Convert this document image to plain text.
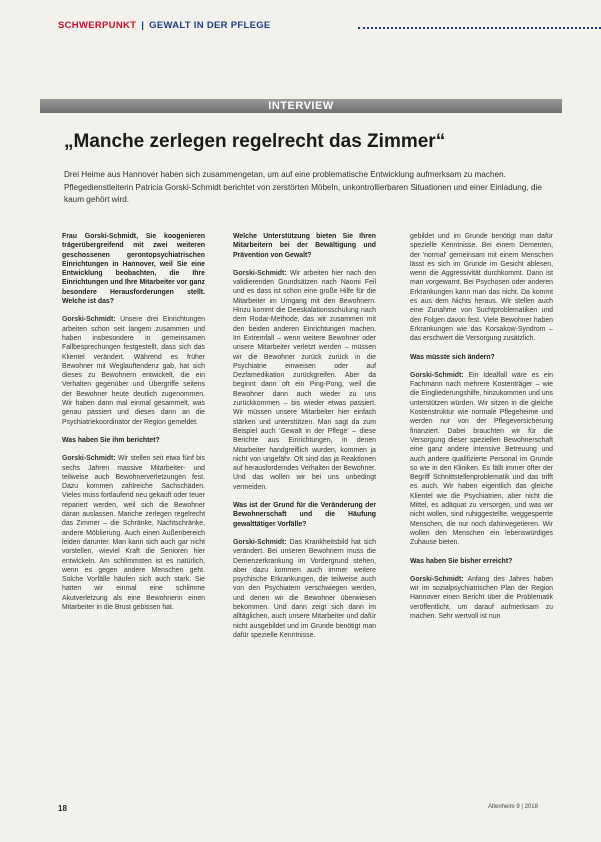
SCHWERPUNKT | GEWALT IN DER PFLEGE
INTERVIEW
„Manche zerlegen regelrecht das Zimmer“
Drei Heime aus Hannover haben sich zusammengetan, um auf eine problematische Entwicklung aufmerksam zu machen. Pflegedienstleiterin Patricia Gorski-Schmidt berichtet von zerstörten Möbeln, unkontrollierbaren Situationen und einer Einladung, die kaum gehört wird.

Frau Gorski-Schmidt, Sie koogenieren trägerübergreifend mit zwei weiteren geschossenen gerontopsychiatrischen Einrichtungen in Hannover, weil Sie eine Entwicklung beobachten, die Ihre Einrichtungen und Ihre Mitarbeiter vor ganz besondere Herausforderungen stellt. Welche ist das?

Gorski-Schmidt: Unsere drei Einrichtungen arbeiten schon seit langem zusammen und haben insbesondere in gemeinsamen Fallbesprechungen festgestellt, dass sich das Klientel verändert. Während es früher Bewohner mit Weglauftendenz gab, hat sich dieses zu Bewohnern entwickelt, die ein Verhalten gegenüber und Übergriffe seitens der Bewohner heute deutlich zugenommen. Wir haben dann mal einmal gesammelt, was genau passiert und dieses dann an die Psychiatriekoordinator der Region gemeldet.

Was haben Sie ihm berichtet?

Gorski-Schmidt: Wir stellen seit etwa fünf bis sechs Jahren massive Mitarbeiter- und teilweise auch Bewohnerverletzungen fest. Dazu kommen zahlreiche Sachschäden. Vieles muss fortlaufend neu gekauft oder teuer repariert werden, weil sich die Bewohner daran auslassen. Manche zerlegen regelrecht das Zimmer – die Schränke, Nachtschränke, andere Möblierung. Auch einen Außenbereich leiden darunter. Man kann sich auch gar nicht vorstellen, wieviel Kraft die Senioren hier entwickeln. Am schlimmsten ist es natürlich, wenn es gegen andere Menschen geht. Solche Vorfälle häufen sich auch stark. Sie hatten wir einmal eine schlimme Akutverletzung als eine Bewohnerin einen Mitarbeiter in die Brust gebissen hat.

Welche Unterstützung bieten Sie Ihren Mitarbeitern bei der Bewältigung und Prävention von Gewalt?

Gorski-Schmidt: Wir arbeiten hier nach den validierenden Grundsätzen nach Naomi Feil und es dass ist schon eine große Hilfe für die Mitarbeiter im Umgang mit den Bewohnern. Hinzu kommt die Deeskalationsschulung nach dem Rodar-Methode, das wir zusammen mit den beiden anderen Einrichtungen machen. Im Extremfall – wenn weitere Bewohner oder unsere Mitarbeiter verletzt werden – müssen wir die Bewohner zurück zurück in die Psychiatrie einweisen oder auf Dezfamedikation zurückgreifen. Aber da beginnt dann oft ein Ping-Pong, weil die Bewohner dann auch wieder zu uns zurückkommen – bis wieder etwas passiert. Wir müssen unsere Mitarbeiter hier einfach stärken und unterstützen. Man sagt da zum Beispiel auch 'Gewalt in der Pflege' – diese Berichte aus Einrichtungen, in denen Mitarbeiter handgreiflich wurden, kommen ja nicht von ungefähr. Oft sind das ja Reaktionen auf herausforderndes Verhalten der Bewohner. Und das wollen wir bei uns unbedingt vermeiden.

Was ist der Grund für die Veränderung der Bewohnerschaft und die Häufung gewalttätiger Vorfälle?

Gorski-Schmidt: Das Krankheitsbild hat sich verändert. Bei unseren Bewohnern muss die Demenzerkrankung im Vordergrund stehen, aber dazu kommen auch immer weitere psychische Erkrankungen, die teilweise auch von den Psychiatern verschwiegen werden, und denen wir die Bewohner überwiesen bekommen. Und dann zeigt sich dann im alltäglichen, auch unsere Mitarbeiter und dafür nicht ausgebildet und im Grunde benötigt man dafür spezielle Kenntnisse.

gebildet und im Grunde benötigt man dafür spezielle Kenntnisse. Bei einem Dementen, der 'normal' gemeinsam mit einem Menschen lässt es sich im Grunde im Gesicht ablesen, wenn die Aggressivität durchkommt. Dann ist man vorgewarnt. Bei Psychosen oder anderen Erkrankungen kann man das nicht. Da kommt es aus dem Nichts heraus. Wir stellen auch eine Zunahme von Suchtproblematiken und den Folgen davon fest. Viele Bewohner haben Erkrankungen wie das Korsakow-Syndrom – das erschwert die Versorgung zusätzlich.

Was müsste sich ändern?

Gorski-Schmidt: Ein Idealfall wäre es ein Fachmann nach mehrere Kostenträger – wie die Eingliederungshilfe, hinzukommen und uns unterstützen würden. Wir sitzen in die gleiche Kostenstruktur wie normale Pflegeheime und werden nur von der Pflegeversicherung finanziert. Dabei brauchten wir für die Versorgung dieser speziellen Bewohnerschaft eine ganz andere intensive Betreuung und auch andere qualifizierte Personal im Grunde so wie in den Kliniken. Es fällt immer öfter der Begriff Schnittstellenproblematik und das trifft es auch. Wir haben eigentlich das gleiche Klientel wie die Psychiatrien, aber nicht die Mittel, es adäquat zu versorgen, und was wir nicht wollen, sind ruhiggestellte, weggesperrte Menschen, die nur noch dahinvegetieren. Wir wollen den Menschen ein lebenswürdiges Zuhause bieten.

Was haben Sie bisher erreicht?

Gorski-Schmidt: Anfang des Jahres haben wir im sozialpsychiatrischen Plan der Region Hannover einen Bericht über die Problematik veröffentlicht, um darauf aufmerksam zu machen. Sehr wertvoll ist nun

18	Altenheim 9 | 2018
